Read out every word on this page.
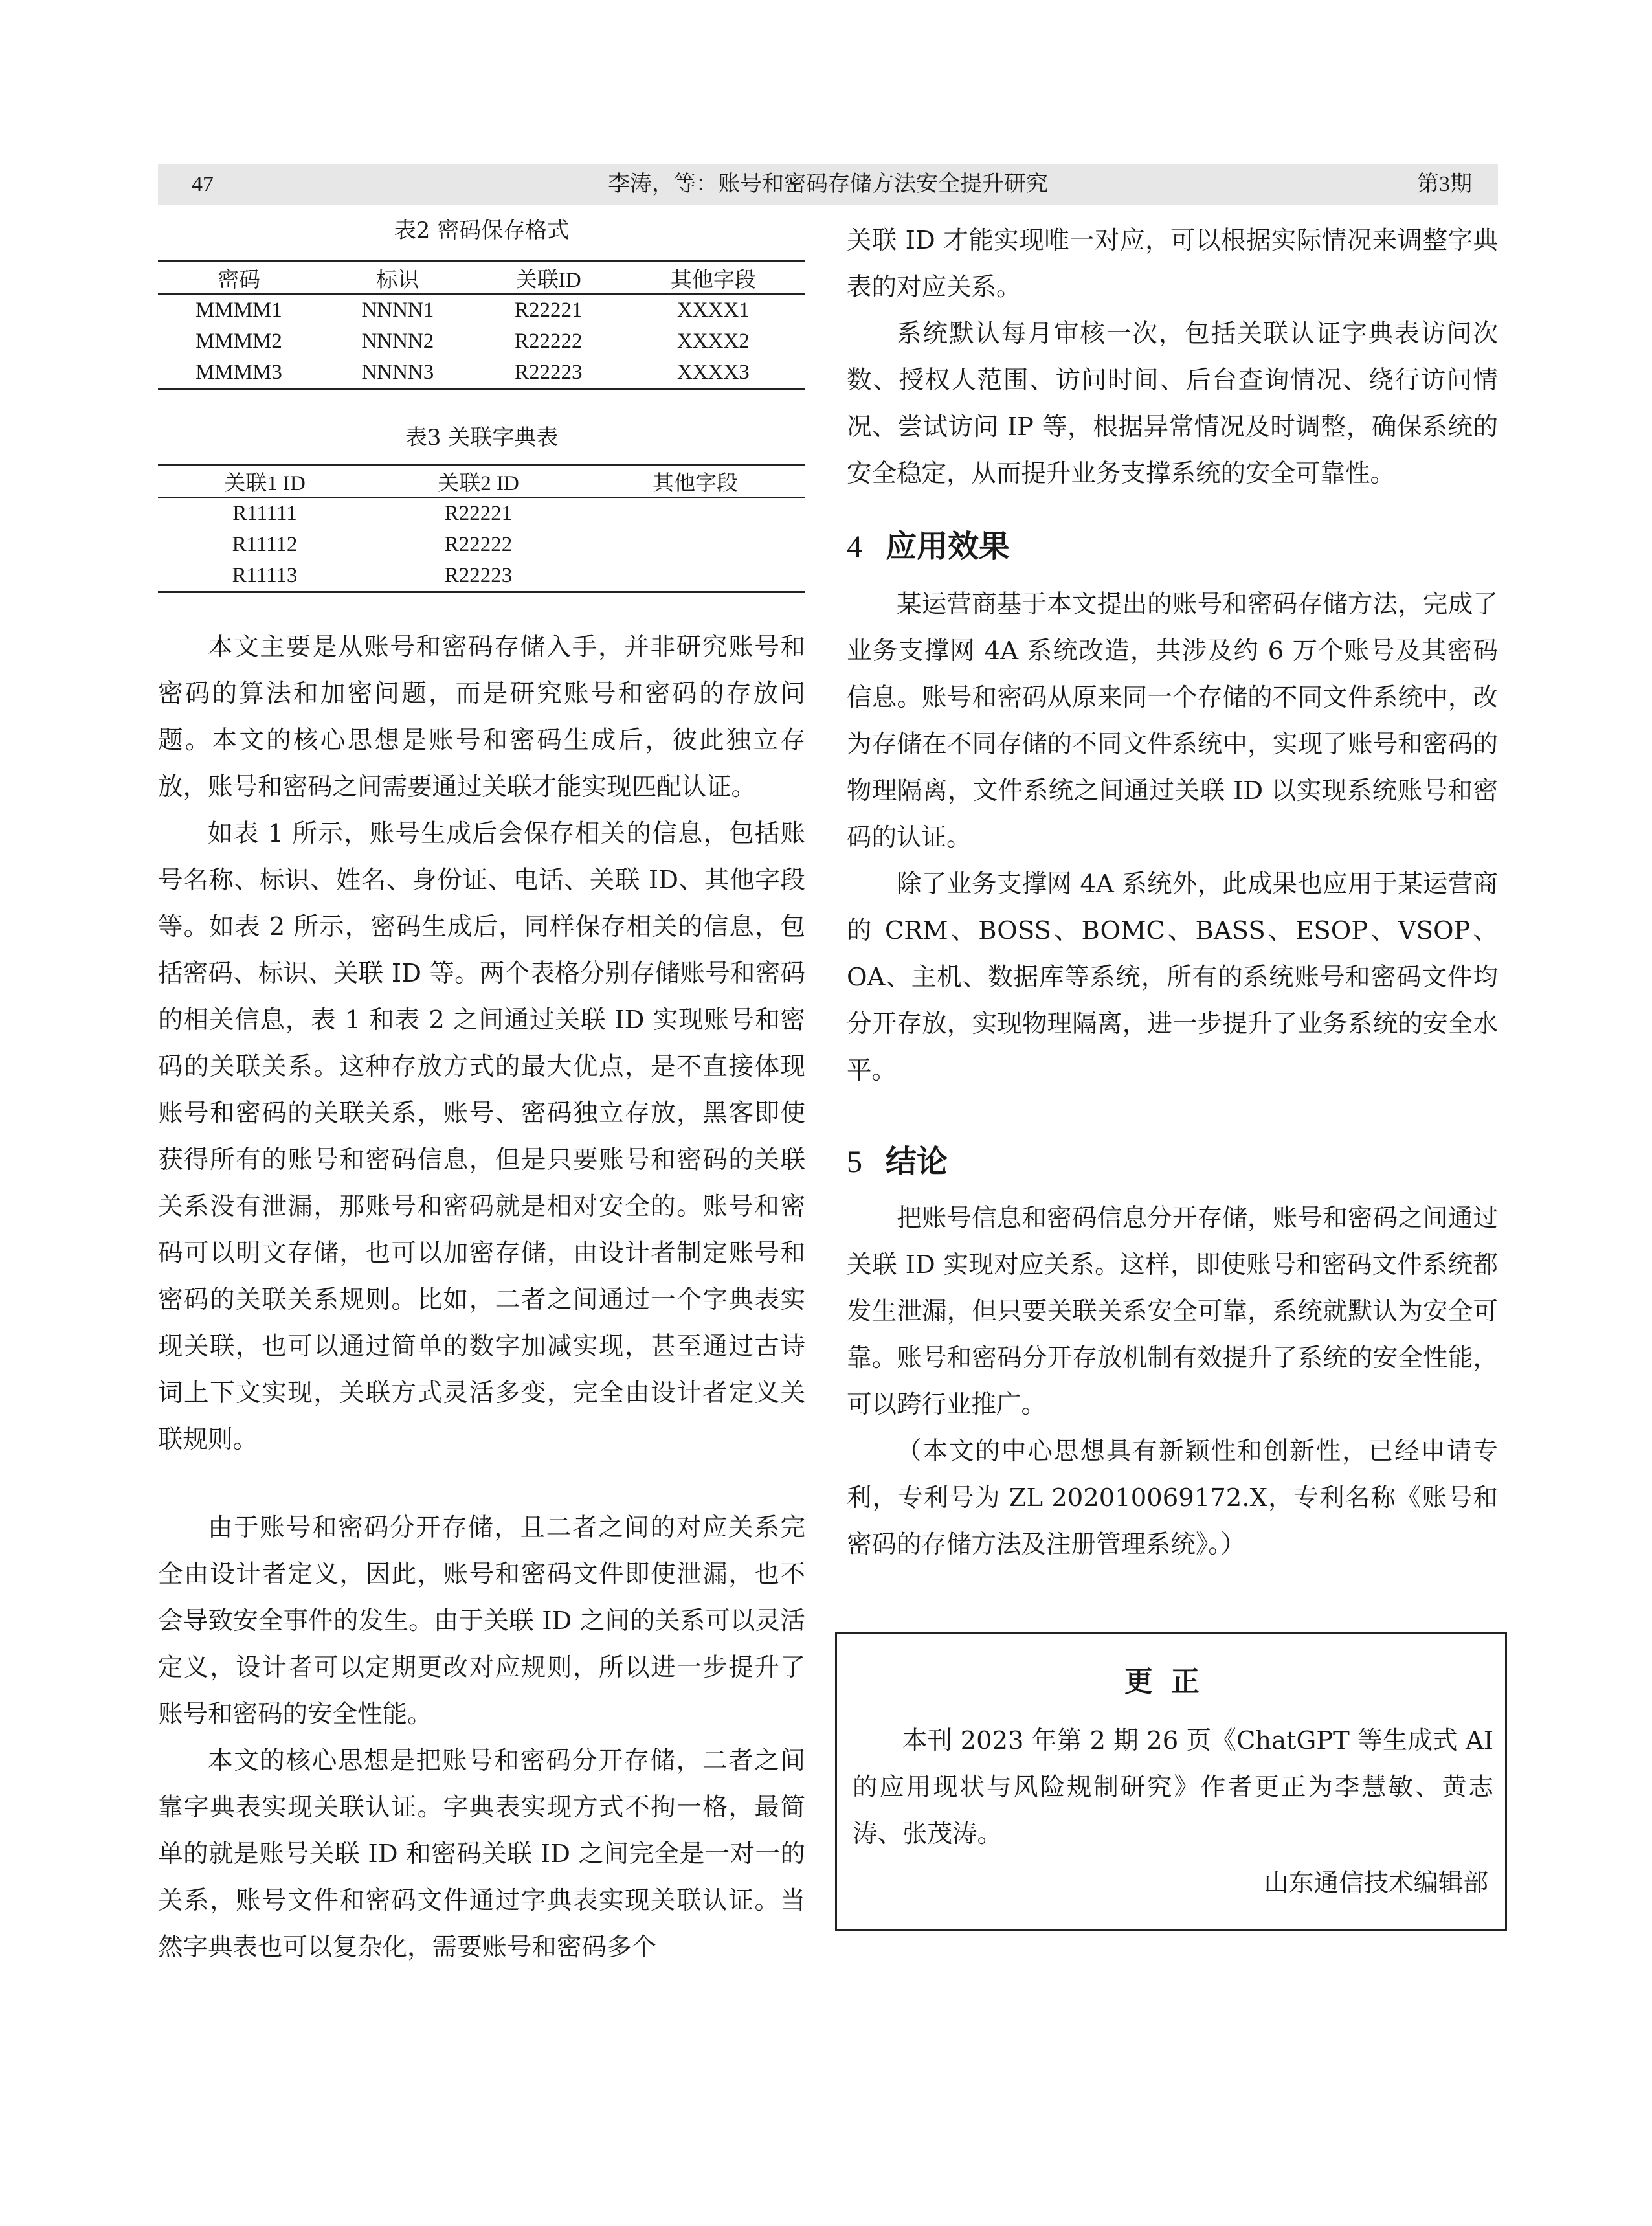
47	李涛，等：账号和密码存储方法安全提升研究	第3期
表2 密码保存格式
密码	标识	关联ID	其他字段
MMMM1	NNNN1	R22221	XXXX1
MMMM2	NNNN2	R22222	XXXX2
MMMM3	NNNN3	R22223	XXXX3
表3 关联字典表
关联1 ID	关联2 ID	其他字段
R11111	R22221	
R11112	R22222	
R11113	R22223	

本文主要是从账号和密码存储入手，并非研究账号和密码的算法和加密问题，而是研究账号和密码的存放问题。本文的核心思想是账号和密码生成后，彼此独立存放，账号和密码之间需要通过关联才能实现匹配认证。

如表 1 所示，账号生成后会保存相关的信息，包括账号名称、标识、姓名、身份证、电话、关联 ID、其他字段等。如表 2 所示，密码生成后，同样保存相关的信息，包括密码、标识、关联 ID 等。两个表格分别存储账号和密码的相关信息，表 1 和表 2 之间通过关联 ID 实现账号和密码的关联关系。这种存放方式的最大优点，是不直接体现账号和密码的关联关系，账号、密码独立存放，黑客即使获得所有的账号和密码信息，但是只要账号和密码的关联关系没有泄漏，那账号和密码就是相对安全的。账号和密码可以明文存储，也可以加密存储，由设计者制定账号和密码的关联关系规则。比如，二者之间通过一个字典表实现关联，也可以通过简单的数字加减实现，甚至通过古诗词上下文实现，关联方式灵活多变，完全由设计者定义关联规则。

由于账号和密码分开存储，且二者之间的对应关系完全由设计者定义，因此，账号和密码文件即使泄漏，也不会导致安全事件的发生。由于关联 ID 之间的关系可以灵活定义，设计者可以定期更改对应规则，所以进一步提升了账号和密码的安全性能。

本文的核心思想是把账号和密码分开存储，二者之间靠字典表实现关联认证。字典表实现方式不拘一格，最简单的就是账号关联 ID 和密码关联 ID 之间完全是一对一的关系，账号文件和密码文件通过字典表实现关联认证。当然字典表也可以复杂化，需要账号和密码多个

关联 ID 才能实现唯一对应，可以根据实际情况来调整字典表的对应关系。

系统默认每月审核一次，包括关联认证字典表访问次数、授权人范围、访问时间、后台查询情况、绕行访问情况、尝试访问 IP 等，根据异常情况及时调整，确保系统的安全稳定，从而提升业务支撑系统的安全可靠性。

4 应用效果

某运营商基于本文提出的账号和密码存储方法，完成了业务支撑网 4A 系统改造，共涉及约 6 万个账号及其密码信息。账号和密码从原来同一个存储的不同文件系统中，改为存储在不同存储的不同文件系统中，实现了账号和密码的物理隔离，文件系统之间通过关联 ID 以实现系统账号和密码的认证。

除了业务支撑网 4A 系统外，此成果也应用于某运营商的 CRM、BOSS、BOMC、BASS、ESOP、VSOP、OA、主机、数据库等系统，所有的系统账号和密码文件均分开存放，实现物理隔离，进一步提升了业务系统的安全水平。

5 结论

把账号信息和密码信息分开存储，账号和密码之间通过关联 ID 实现对应关系。这样，即使账号和密码文件系统都发生泄漏，但只要关联关系安全可靠，系统就默认为安全可靠。账号和密码分开存放机制有效提升了系统的安全性能，可以跨行业推广。

（本文的中心思想具有新颖性和创新性，已经申请专利，专利号为 ZL 202010069172.X，专利名称《账号和密码的存储方法及注册管理系统》。）

更正

本刊 2023 年第 2 期 26 页《ChatGPT 等生成式 AI 的应用现状与风险规制研究》作者更正为李慧敏、黄志涛、张茂涛。

山东通信技术编辑部
